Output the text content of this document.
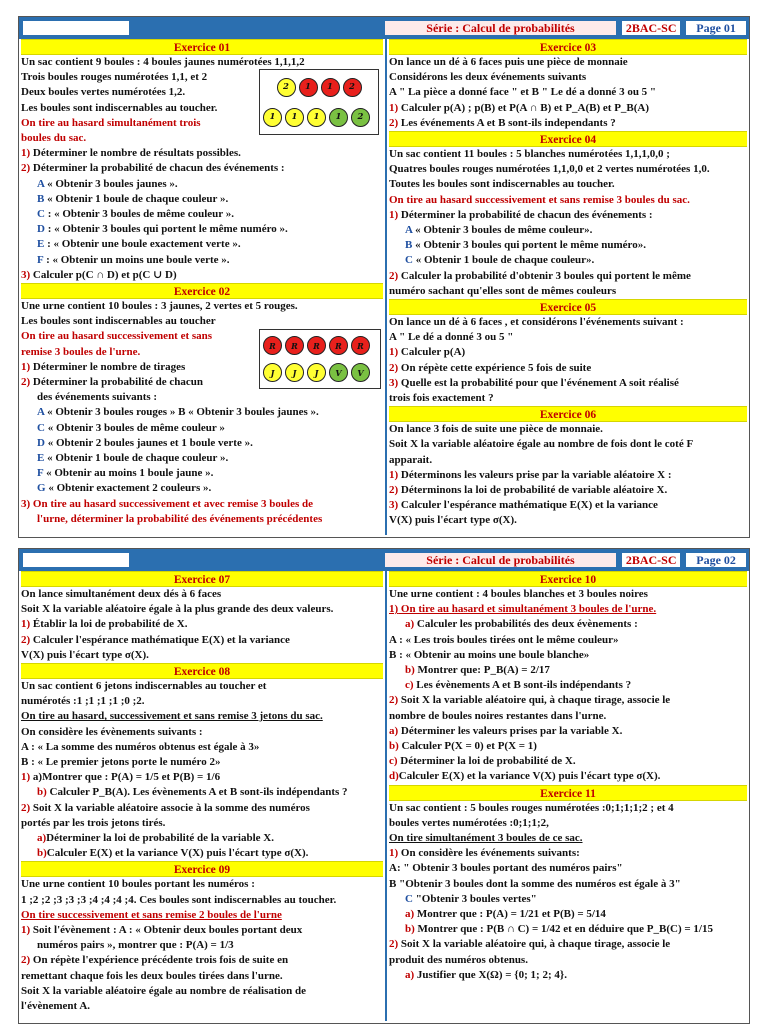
Série : Calcul de probabilités	2BAC-SC	Page 01
Exercice 01
Un sac contient 9 boules : 4 boules jaunes numérotées 1,1,1,2
Trois boules rouges numérotées 1,1, et 2
Deux boules vertes numérotées 1,2.
Les boules sont indiscernables au toucher.
On tire au hasard simultanément trois
boules du sac.
1) Déterminer le nombre de résultats possibles.
2) Déterminer la probabilité de chacun des événements :
A « Obtenir 3 boules jaunes ».
B « Obtenir 1 boule de chaque couleur ».
C : « Obtenir 3 boules de même couleur ».
D : « Obtenir 3 boules qui portent le même numéro ».
E : « Obtenir une boule exactement verte ».
F : « Obtenir un moins une boule verte ».
3) Calculer p(C ∩ D) et p(C ∪ D)
Exercice 02
Une urne contient 10 boules : 3 jaunes, 2 vertes et 5 rouges.
Les boules sont indiscernables au toucher
On tire au hasard successivement et sans
remise 3 boules de l'urne.
1) Déterminer le nombre de tirages
2) Déterminer la probabilité de chacun
des événements suivants :
A « Obtenir 3 boules rouges » B « Obtenir 3 boules jaunes ».
C « Obtenir 3 boules de même couleur »
D « Obtenir 2 boules jaunes et 1 boule verte ».
E « Obtenir 1 boule de chaque couleur ».
F « Obtenir au moins 1 boule jaune ».
G « Obtenir exactement 2 couleurs ».
3) On tire au hasard successivement et avec remise 3 boules de
l'urne, déterminer la probabilité des événements précédentes
2	1	1	2
1	1	1	1	2
R	R	R	R	R
J	J	J	V	V
Exercice 03
On lance un dé à 6 faces puis une pièce de monnaie
Considérons les deux événements suivants
A " La pièce a donné face " et B " Le dé a donné 3 ou 5 "
1) Calculer p(A) ; p(B) et P(A ∩ B) et P_A(B) et P_B(A)
2) Les événements A et B sont-ils independants ?
Exercice 04
Un sac contient 11 boules : 5 blanches numérotées 1,1,1,0,0 ;
Quatres boules rouges numérotées 1,1,0,0 et 2 vertes numérotées 1,0.
Toutes les boules sont indiscernables au toucher.
On tire au hasard successivement et sans remise 3 boules du sac.
1) Déterminer la probabilité de chacun des événements :
A « Obtenir 3 boules de même couleur».
B « Obtenir 3 boules qui portent le même numéro».
C « Obtenir 1 boule de chaque couleur».
2) Calculer la probabilité d'obtenir 3 boules qui portent le même
numéro sachant qu'elles sont de mêmes couleurs
Exercice 05
On lance un dé à 6 faces , et considérons l'événements suivant :
A " Le dé a donné 3 ou 5 "
1) Calculer p(A)
2) On répète cette expérience 5 fois de suite
3) Quelle est la probabilité pour que l'événement A soit réalisé
trois fois exactement ?
Exercice 06
On lance 3 fois de suite une pièce de monnaie.
Soit X la variable aléatoire égale au nombre de fois dont le coté F
apparait.
1) Déterminons les valeurs prise par la variable aléatoire X :
2) Déterminons la loi de probabilité de variable aléatoire X.
3) Calculer l'espérance mathématique E(X) et la variance
V(X) puis l'écart type σ(X).
Série : Calcul de probabilités	2BAC-SC	Page 02
Exercice 07
On lance simultanément deux dés à 6 faces
Soit X la variable aléatoire égale à la plus grande des deux valeurs.
1) Établir la loi de probabilité de X.
2) Calculer l'espérance mathématique E(X) et la variance
V(X) puis l'écart type σ(X).
Exercice 08
Un sac contient 6 jetons indiscernables au toucher et
numérotés :1 ;1 ;1 ;1 ;0 ;2.
On tire au hasard, successivement et sans remise 3 jetons du sac.
On considère les évènements suivants :
A : « La somme des numéros obtenus est égale à 3»
B : « Le premier jetons porte le numéro 2»
1) a)Montrer que : P(A) = 1/5 et P(B) = 1/6
b) Calculer P_B(A). Les évènements A et B sont-ils indépendants ?
2) Soit X la variable aléatoire associe à la somme des numéros
portés par les trois jetons tirés.
a)Déterminer la loi de probabilité de la variable X.
b)Calculer E(X) et la variance V(X) puis l'écart type σ(X).
Exercice 09
Une urne contient 10 boules portant les numéros :
1 ;2 ;2 ;3 ;3 ;3 ;4 ;4 ;4 ;4. Ces boules sont indiscernables au toucher.
On tire successivement et sans remise 2 boules de l'urne
1) Soit l'évènement : A : « Obtenir deux boules portant deux
numéros pairs », montrer que : P(A) = 1/3
2) On répète l'expérience précédente trois fois de suite en
remettant chaque fois les deux boules tirées dans l'urne.
Soit X la variable aléatoire égale au nombre de réalisation de
l'évènement A.
Exercice 10
Une urne contient : 4 boules blanches et 3 boules noires
1) On tire au hasard et simultanément 3 boules de l'urne.
a) Calculer les probabilités des deux évènements :
A : « Les trois boules tirées ont le même couleur»
B : « Obtenir au moins une boule blanche»
b) Montrer que: P_B(A) = 2/17
c) Les évènements A et B sont-ils indépendants ?
2) Soit X la variable aléatoire qui, à chaque tirage, associe le
nombre de boules noires restantes dans l'urne.
a) Déterminer les valeurs prises par la variable X.
b) Calculer P(X = 0) et P(X = 1)
c) Déterminer la loi de probabilité de X.
d)Calculer E(X) et la variance V(X) puis l'écart type σ(X).
Exercice 11
Un sac contient : 5 boules rouges numérotées :0;1;1;1;2 ; et 4
boules vertes numérotées :0;1;1;2,
On tire simultanément 3 boules de ce sac.
1) On considère les événements suivants:
A: " Obtenir 3 boules portant des numéros pairs"
B "Obtenir 3 boules dont la somme des numéros est égale à 3"
C "Obtenir 3 boules vertes"
a) Montrer que : P(A) = 1/21 et P(B) = 5/14
b) Montrer que : P(B ∩ C) = 1/42 et en déduire que P_B(C) = 1/15
2) Soit X la variable aléatoire qui, à chaque tirage, associe le
produit des numéros obtenus.
a) Justifier que X(Ω) = {0; 1; 2; 4}.
